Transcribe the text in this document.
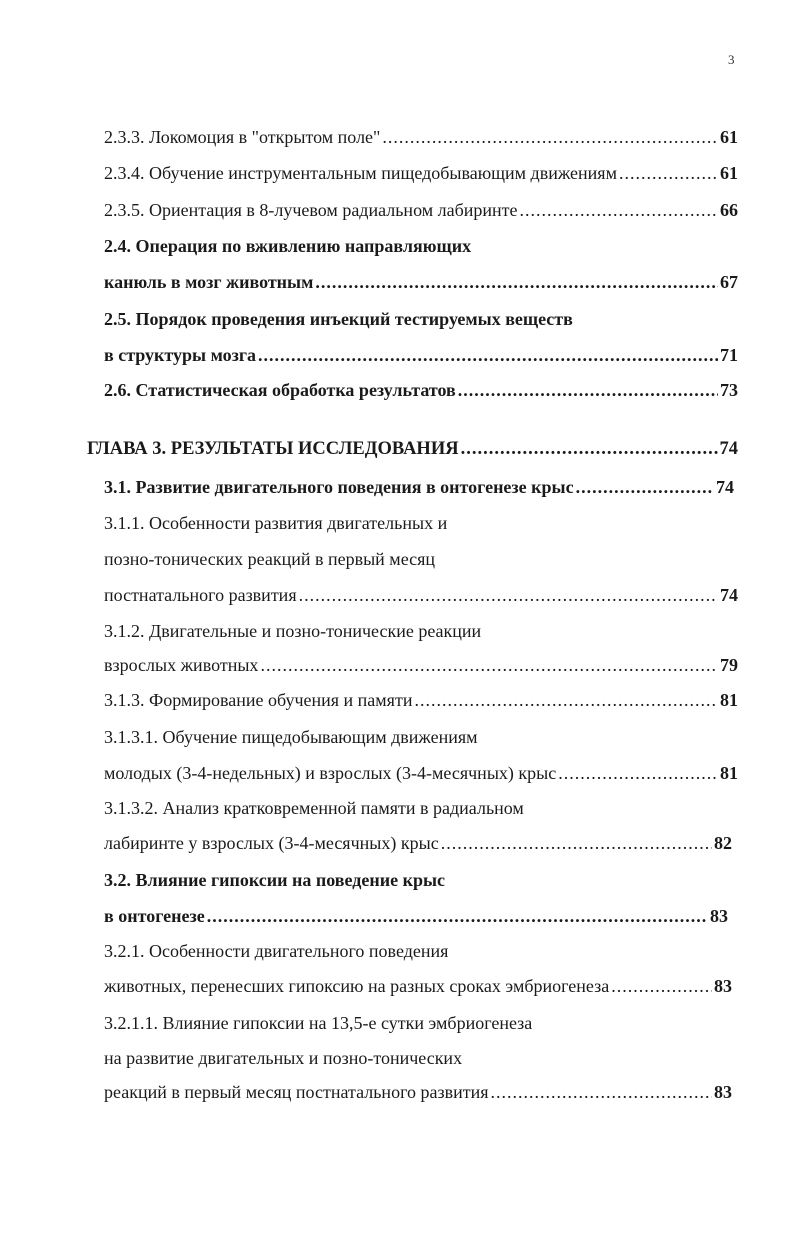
3
2.3.3. Локомоция в "открытом поле" .....	61
2.3.4. Обучение инструментальным пищедобывающим движениям .....	61
2.3.5. Ориентация в 8-лучевом радиальном лабиринте .....	66
2.4. Операция по вживлению направляющих
канюль в мозг животным .....	67
2.5. Порядок проведения инъекций тестируемых веществ
в структуры мозга .....	71
2.6. Статистическая обработка результатов .....	73
ГЛАВА 3. РЕЗУЛЬТАТЫ ИССЛЕДОВАНИЯ .....	74
3.1. Развитие двигательного поведения в онтогенезе крыс .....	74
3.1.1. Особенности развития двигательных и
позно-тонических реакций в первый месяц
постнатального развития .....	74
3.1.2. Двигательные и позно-тонические реакции
взрослых животных .....	79
3.1.3. Формирование обучения и памяти .....	81
3.1.3.1. Обучение пищедобывающим движениям
молодых (3-4-недельных) и взрослых (3-4-месячных) крыс .....	81
3.1.3.2. Анализ кратковременной памяти в радиальном
лабиринте у взрослых (3-4-месячных) крыс .....	82
3.2. Влияние гипоксии на поведение крыс
в онтогенезе .....	83
3.2.1. Особенности двигательного поведения
животных, перенесших гипоксию на разных сроках эмбриогенеза .....	83
3.2.1.1. Влияние гипоксии на 13,5-е сутки эмбриогенеза
на развитие двигательных и позно-тонических
реакций в первый месяц постнатального развития .....	83
